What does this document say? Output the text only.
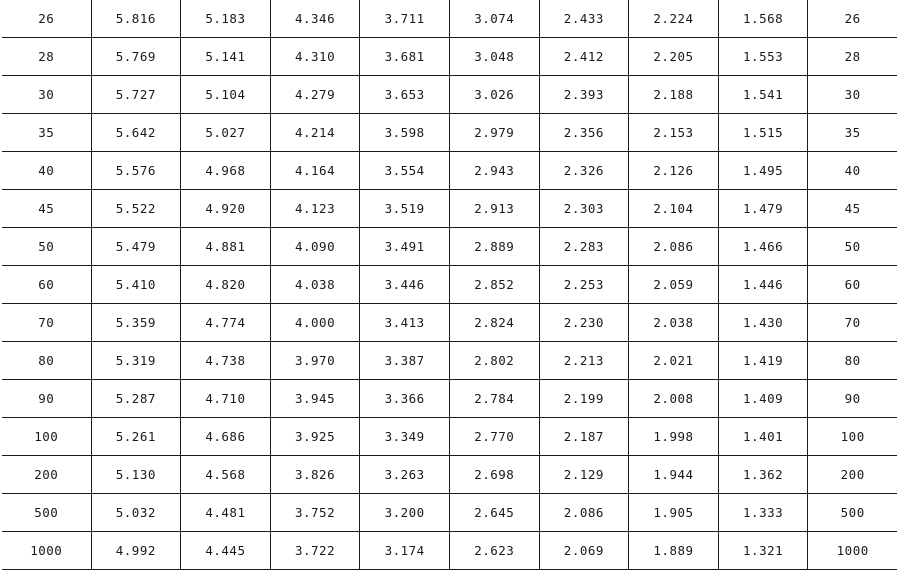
26	5.816	5.183	4.346	3.711	3.074	2.433	2.224	1.568	26
28	5.769	5.141	4.310	3.681	3.048	2.412	2.205	1.553	28
30	5.727	5.104	4.279	3.653	3.026	2.393	2.188	1.541	30
35	5.642	5.027	4.214	3.598	2.979	2.356	2.153	1.515	35
40	5.576	4.968	4.164	3.554	2.943	2.326	2.126	1.495	40
45	5.522	4.920	4.123	3.519	2.913	2.303	2.104	1.479	45
50	5.479	4.881	4.090	3.491	2.889	2.283	2.086	1.466	50
60	5.410	4.820	4.038	3.446	2.852	2.253	2.059	1.446	60
70	5.359	4.774	4.000	3.413	2.824	2.230	2.038	1.430	70
80	5.319	4.738	3.970	3.387	2.802	2.213	2.021	1.419	80
90	5.287	4.710	3.945	3.366	2.784	2.199	2.008	1.409	90
100	5.261	4.686	3.925	3.349	2.770	2.187	1.998	1.401	100
200	5.130	4.568	3.826	3.263	2.698	2.129	1.944	1.362	200
500	5.032	4.481	3.752	3.200	2.645	2.086	1.905	1.333	500
1000	4.992	4.445	3.722	3.174	2.623	2.069	1.889	1.321	1000
